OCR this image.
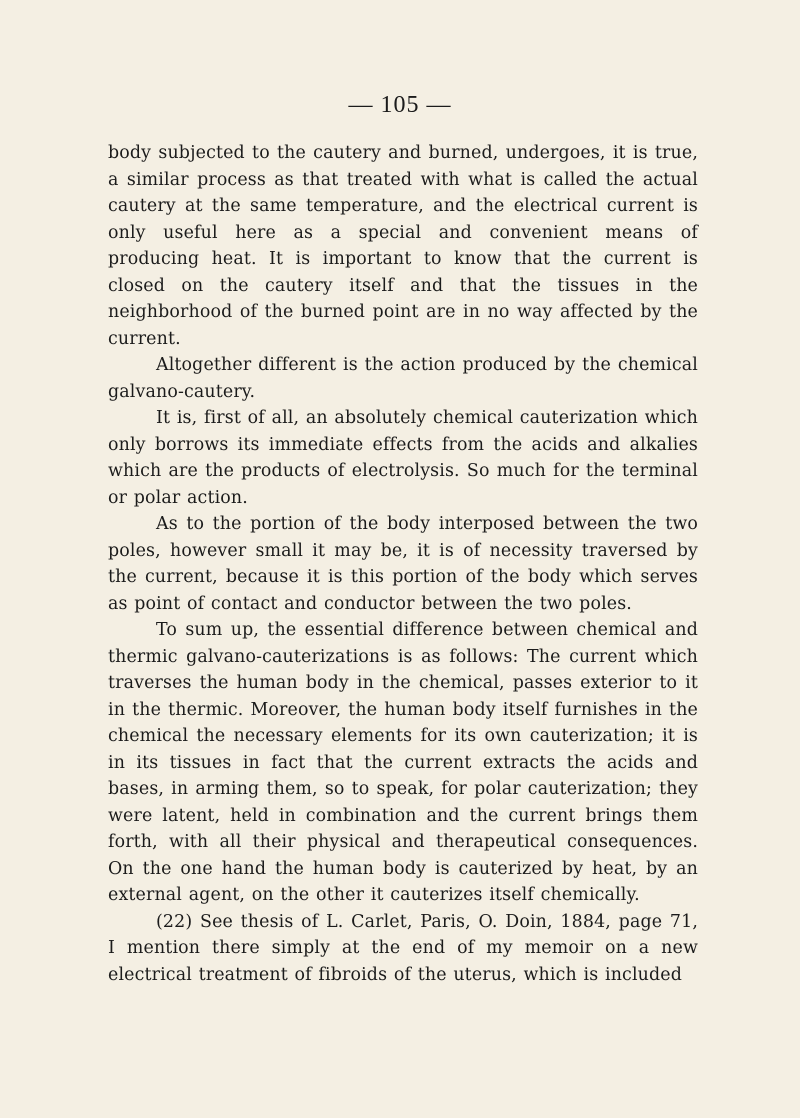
— 105 —

body subjected to the cautery and burned, undergoes, it is true, a similar process as that treated with what is called the actual cautery at the same temperature, and the electrical current is only useful here as a special and convenient means of producing heat. It is important to know that the current is closed on the cautery itself and that the tissues in the neighborhood of the burned point are in no way affected by the current.

Altogether different is the action produced by the chemical galvano-cautery.

It is, first of all, an absolutely chemical cauterization which only borrows its immediate effects from the acids and alkalies which are the products of electrolysis. So much for the terminal or polar action.

As to the portion of the body interposed between the two poles, however small it may be, it is of necessity traversed by the current, because it is this portion of the body which serves as point of contact and conductor between the two poles.

To sum up, the essential difference between chemical and thermic galvano-cauterizations is as follows: The current which traverses the human body in the chemical, passes exterior to it in the thermic. Moreover, the human body itself furnishes in the chemical the necessary elements for its own cauterization; it is in its tissues in fact that the current extracts the acids and bases, in arming them, so to speak, for polar cauterization; they were latent, held in combination and the current brings them forth, with all their physical and therapeutical consequences. On the one hand the human body is cauterized by heat, by an external agent, on the other it cauterizes itself chemically.

(22) See thesis of L. Carlet, Paris, O. Doin, 1884, page 71, I mention there simply at the end of my memoir on a new electrical treatment of fibroids of the uterus, which is included
